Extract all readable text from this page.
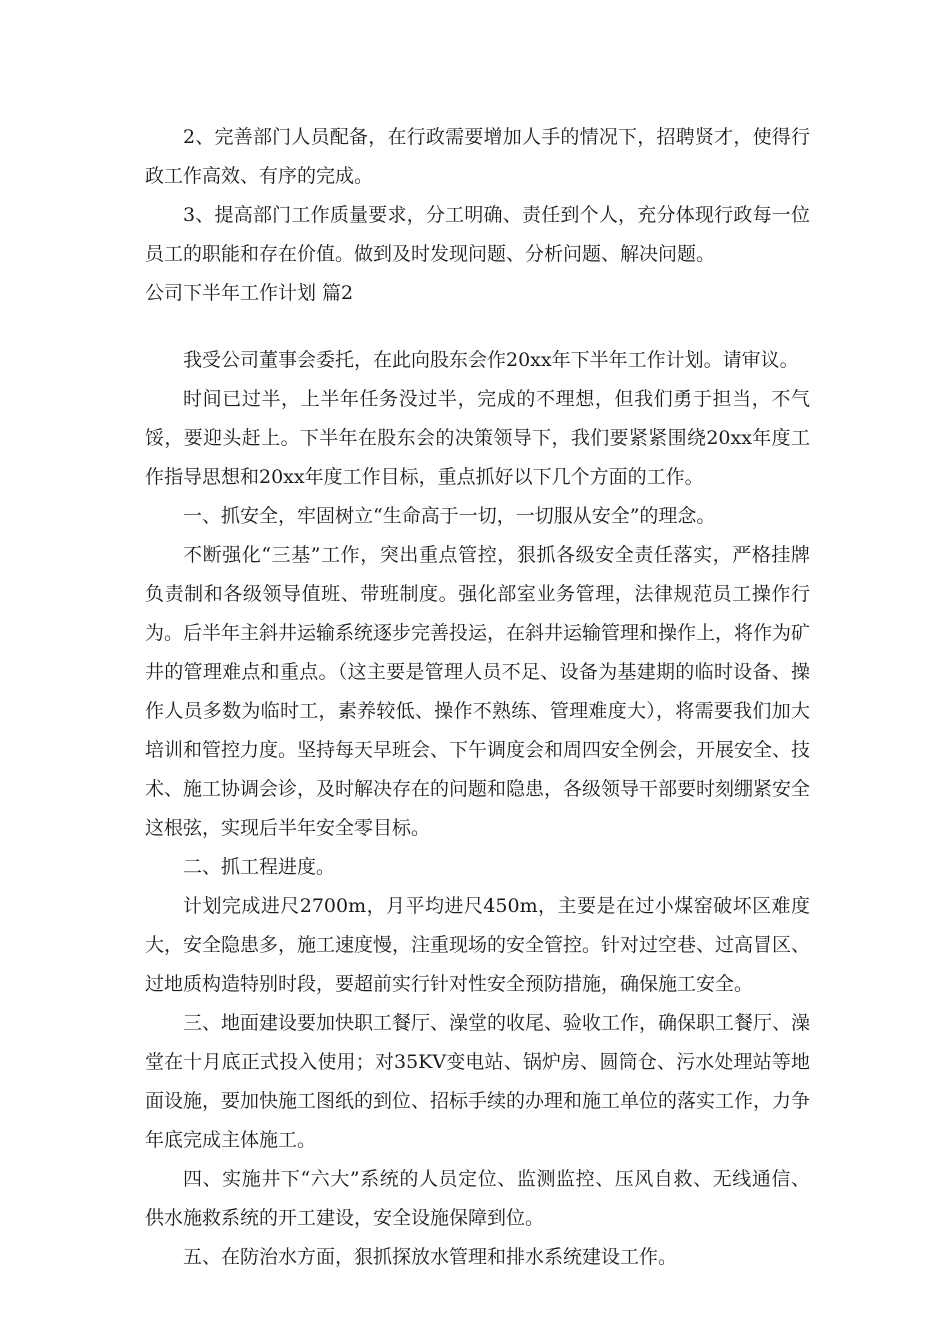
2、完善部门人员配备，在行政需要增加人手的情况下，招聘贤才，使得行政工作高效、有序的完成。

3、提高部门工作质量要求，分工明确、责任到个人，充分体现行政每一位员工的职能和存在价值。做到及时发现问题、分析问题、解决问题。

公司下半年工作计划 篇2

我受公司董事会委托，在此向股东会作20xx年下半年工作计划。请审议。

时间已过半，上半年任务没过半，完成的不理想，但我们勇于担当，不气馁，要迎头赶上。下半年在股东会的决策领导下，我们要紧紧围绕20xx年度工作指导思想和20xx年度工作目标，重点抓好以下几个方面的工作。

一、抓安全，牢固树立“生命高于一切，一切服从安全”的理念。

不断强化“三基”工作，突出重点管控，狠抓各级安全责任落实，严格挂牌负责制和各级领导值班、带班制度。强化部室业务管理，法律规范员工操作行为。后半年主斜井运输系统逐步完善投运，在斜井运输管理和操作上，将作为矿井的管理难点和重点。（这主要是管理人员不足、设备为基建期的临时设备、操作人员多数为临时工，素养较低、操作不熟练、管理难度大），将需要我们加大培训和管控力度。坚持每天早班会、下午调度会和周四安全例会，开展安全、技术、施工协调会诊，及时解决存在的问题和隐患，各级领导干部要时刻绷紧安全这根弦，实现后半年安全零目标。

二、抓工程进度。

计划完成进尺2700m，月平均进尺450m，主要是在过小煤窑破坏区难度大，安全隐患多，施工速度慢，注重现场的安全管控。针对过空巷、过高冒区、过地质构造特别时段，要超前实行针对性安全预防措施，确保施工安全。

三、地面建设要加快职工餐厅、澡堂的收尾、验收工作，确保职工餐厅、澡堂在十月底正式投入使用；对35KV变电站、锅炉房、圆筒仓、污水处理站等地面设施，要加快施工图纸的到位、招标手续的办理和施工单位的落实工作，力争年底完成主体施工。

四、实施井下“六大”系统的人员定位、监测监控、压风自救、无线通信、供水施救系统的开工建设，安全设施保障到位。

五、在防治水方面，狠抓探放水管理和排水系统建设工作。
